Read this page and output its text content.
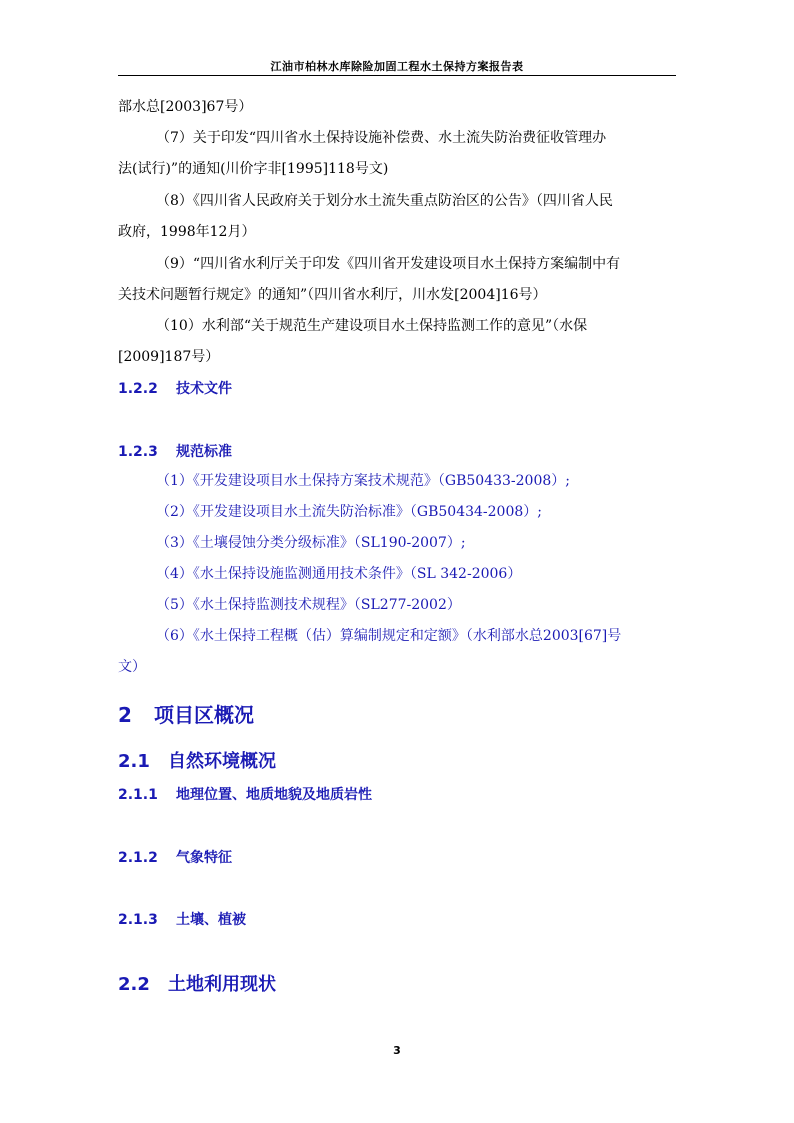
江油市柏林水库除险加固工程水土保持方案报告表
部水总[2003]67号）
（7）关于印发“四川省水土保持设施补偿费、水土流失防治费征收管理办
法(试行)”的通知(川价字非[1995]118号文)
（8）《四川省人民政府关于划分水土流失重点防治区的公告》（四川省人民
政府，1998年12月）
（9）“四川省水利厅关于印发《四川省开发建设项目水土保持方案编制中有
关技术问题暂行规定》的通知”（四川省水利厅，川水发[2004]16号）
（10）水利部“关于规范生产建设项目水土保持监测工作的意见”（水保
[2009]187号）
1.2.2 技术文件
1.2.3 规范标准
（1）《开发建设项目水土保持方案技术规范》（GB50433-2008）;
（2）《开发建设项目水土流失防治标准》（GB50434-2008）;
（3）《土壤侵蚀分类分级标准》（SL190-2007）;
（4）《水土保持设施监测通用技术条件》（SL 342-2006）
（5）《水土保持监测技术规程》（SL277-2002）
（6）《水土保持工程概（估）算编制规定和定额》（水利部水总2003[67]号
文）
2 项目区概况
2.1 自然环境概况
2.1.1 地理位置、地质地貌及地质岩性
2.1.2 气象特征
2.1.3 土壤、植被
2.2 土地利用现状
3
